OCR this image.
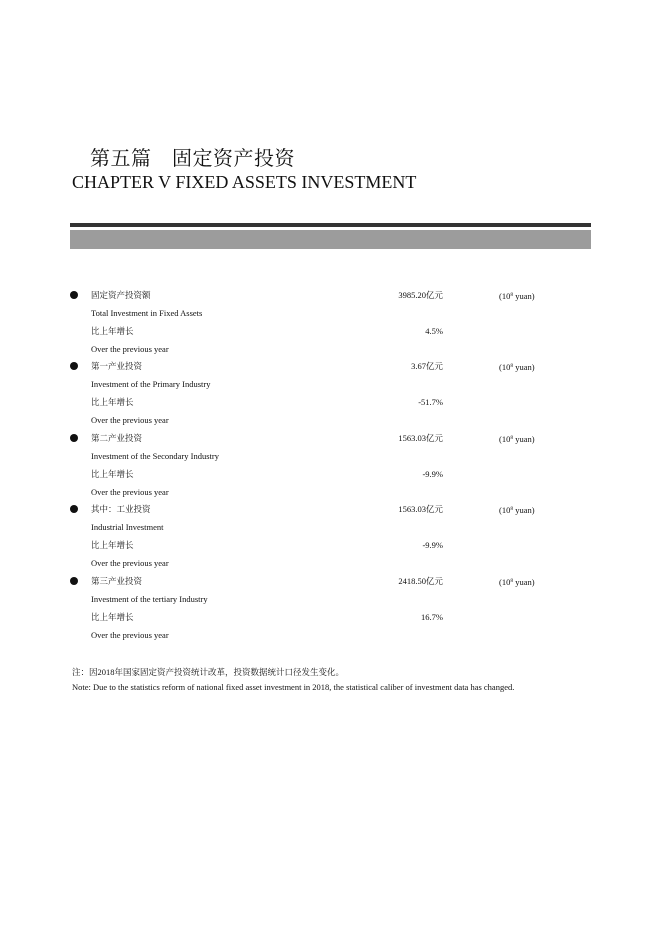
第五篇　固定资产投资
CHAPTER V FIXED ASSETS INVESTMENT
固定资产投资额
Total Investment in Fixed Assets
比上年增长
Over the previous year
3985.20亿元
4.5%
($10^8$ yuan)
第一产业投资
Investment of the Primary Industry
比上年增长
Over the previous year
3.67亿元
-51.7%
($10^8$ yuan)
第二产业投资
Investment of the Secondary Industry
比上年增长
Over the previous year
1563.03亿元
-9.9%
($10^8$ yuan)
其中：工业投资
Industrial Investment
比上年增长
Over the previous year
1563.03亿元
-9.9%
($10^8$ yuan)
第三产业投资
Investment of the tertiary Industry
比上年增长
Over the previous year
2418.50亿元
16.7%
($10^8$ yuan)
注：因2018年国家固定资产投资统计改革，投资数据统计口径发生变化。
Note: Due to the statistics reform of national fixed asset investment in 2018, the statistical caliber of investment data has changed.
